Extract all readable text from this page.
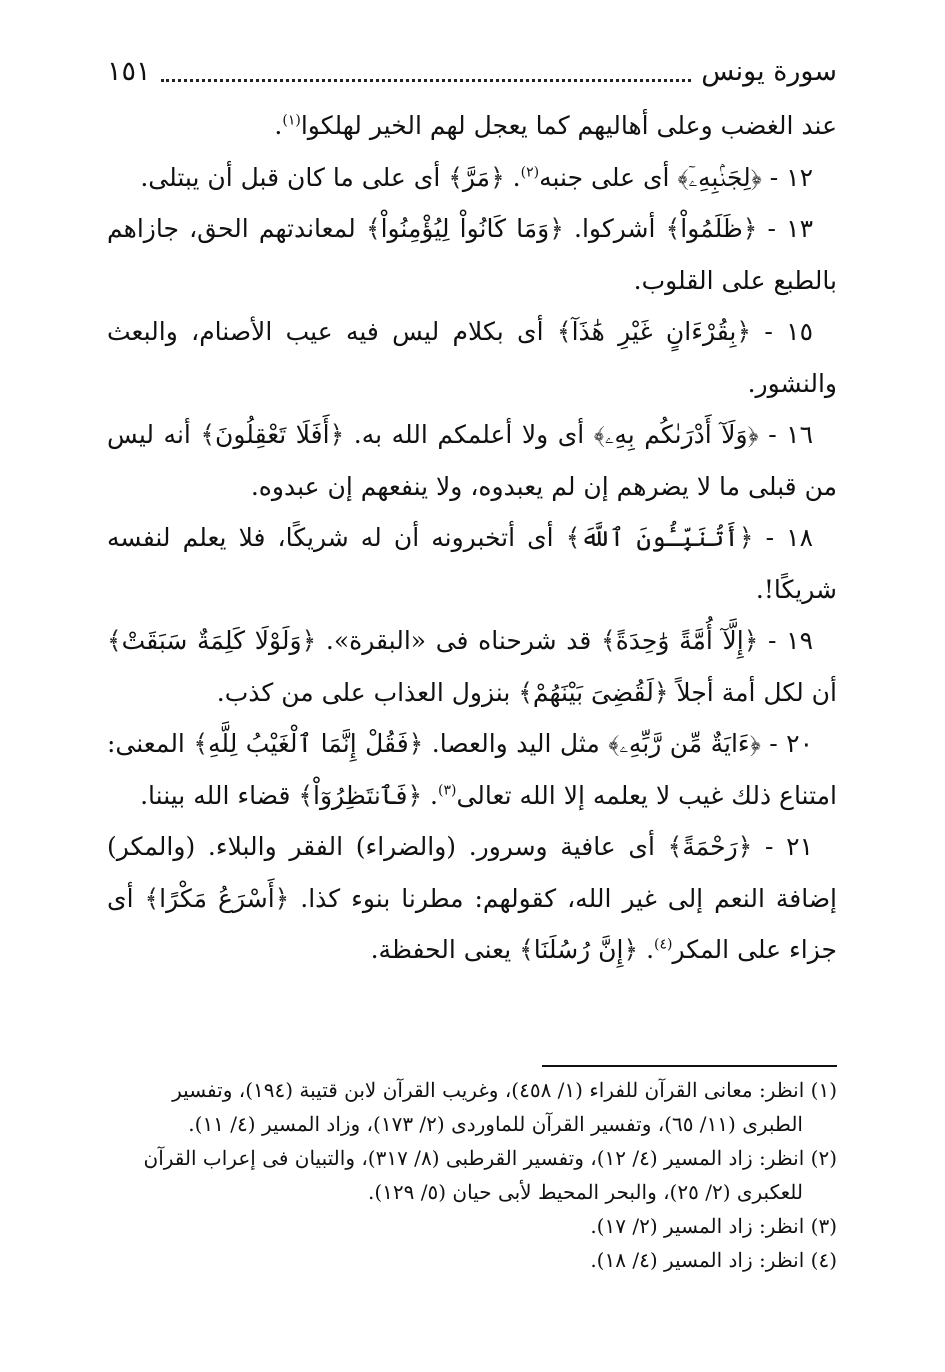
سورة يونس
١٥١

عند الغضب وعلى أهاليهم كما يعجل لهم الخير لهلكوا$^{(١)}$.

١٢ - ﴿لِجَنۢبِهِۦٓ﴾ أى على جنبه$^{(٢)}$. ﴿مَرَّ﴾ أى على ما كان قبل أن يبتلى.

١٣ - ﴿ظَلَمُواْ﴾ أشركوا. ﴿وَمَا كَانُواْ لِيُؤْمِنُواْ﴾ لمعاندتهم الحق، جازاهم بالطبع على القلوب.

١٥ - ﴿بِقُرْءَانٍ غَيْرِ هَٰذَآ﴾ أى بكلام ليس فيه عيب الأصنام، والبعث والنشور.

١٦ - ﴿وَلَآ أَدْرَىٰكُم بِهِۦ﴾ أى ولا أعلمكم الله به. ﴿أَفَلَا تَعْقِلُونَ﴾ أنه ليس من قبلى ما لا يضرهم إن لم يعبدوه، ولا ينفعهم إن عبدوه.

١٨ - ﴿أَتُنَبِّـُٔونَ ٱللَّهَ﴾ أى أتخبرونه أن له شريكًا، فلا يعلم لنفسه شريكًا!.

١٩ - ﴿إِلَّآ أُمَّةً وَٰحِدَةً﴾ قد شرحناه فى «البقرة». ﴿وَلَوْلَا كَلِمَةٌ سَبَقَتْ﴾ أن لكل أمة أجلاً ﴿لَقُضِىَ بَيْنَهُمْ﴾ بنزول العذاب على من كذب.

٢٠ - ﴿ءَايَةٌ مِّن رَّبِّهِۦ﴾ مثل اليد والعصا. ﴿فَقُلْ إِنَّمَا ٱلْغَيْبُ لِلَّهِ﴾ المعنى: امتناع ذلك غيب لا يعلمه إلا الله تعالى$^{(٣)}$. ﴿فَٱنتَظِرُوٓاْ﴾ قضاء الله بيننا.

٢١ - ﴿رَحْمَةً﴾ أى عافية وسرور. (والضراء) الفقر والبلاء. (والمكر) إضافة النعم إلى غير الله، كقولهم: مطرنا بنوء كذا. ﴿أَسْرَعُ مَكْرًا﴾ أى جزاء على المكر$^{(٤)}$. ﴿إِنَّ رُسُلَنَا﴾ يعنى الحفظة.

(١) انظر: معانى القرآن للفراء (١/ ٤٥٨)، وغريب القرآن لابن قتيبة (١٩٤)، وتفسير
الطبرى (١١/ ٦٥)، وتفسير القرآن للماوردى (٢/ ١٧٣)، وزاد المسير (٤/ ١١).

(٢) انظر: زاد المسير (٤/ ١٢)، وتفسير القرطبى (٨/ ٣١٧)، والتبيان فى إعراب القرآن
للعكبرى (٢/ ٢٥)، والبحر المحيط لأبى حيان (٥/ ١٢٩).

(٣) انظر: زاد المسير (٢/ ١٧).

(٤) انظر: زاد المسير (٤/ ١٨).
